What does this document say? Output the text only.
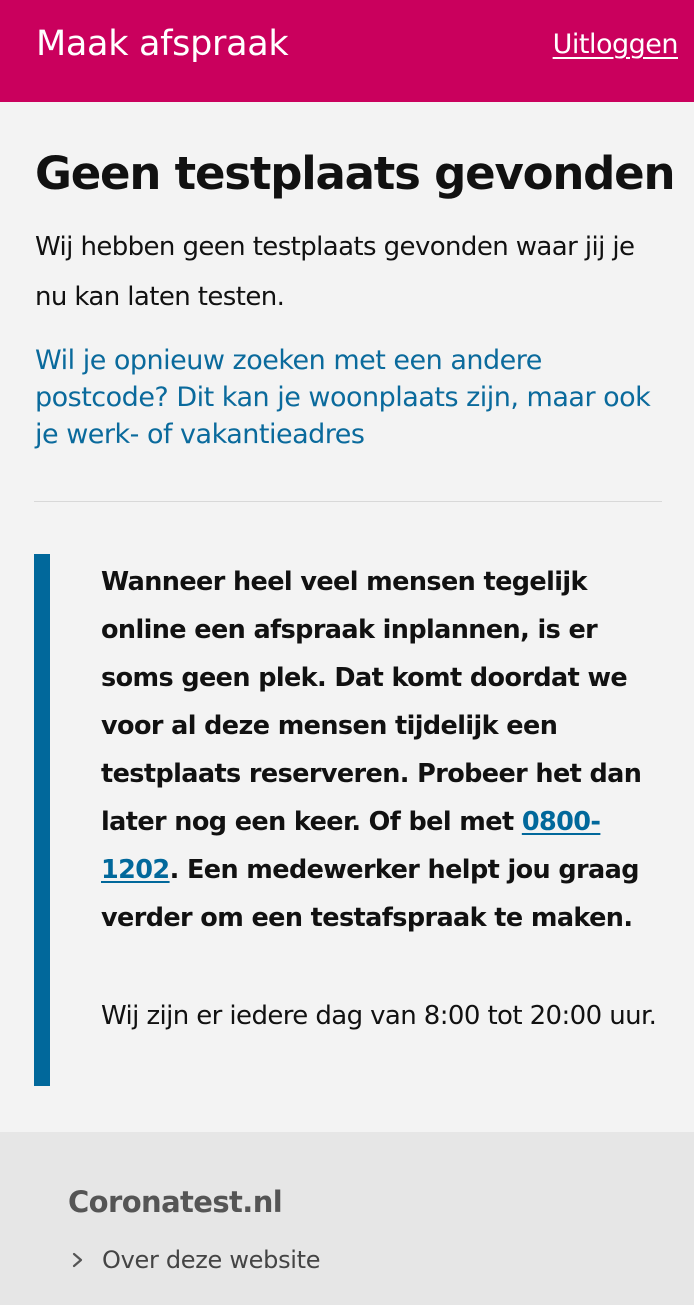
Maak afspraak	Uitloggen
Geen testplaats gevonden

Wij hebben geen testplaats gevonden waar jij je nu kan laten testen.

Wil je opnieuw zoeken met een andere postcode? Dit kan je woonplaats zijn, maar ook je werk- of vakantieadres

Wanneer heel veel mensen tegelijk online een afspraak inplannen, is er soms geen plek. Dat komt doordat we voor al deze mensen tijdelijk een testplaats reserveren. Probeer het dan later nog een keer. Of bel met 0800-1202. Een medewerker helpt jou graag verder om een testafspraak te maken.

Wij zijn er iedere dag van 8:00 tot 20:00 uur.

Coronatest.nl
Over deze website
